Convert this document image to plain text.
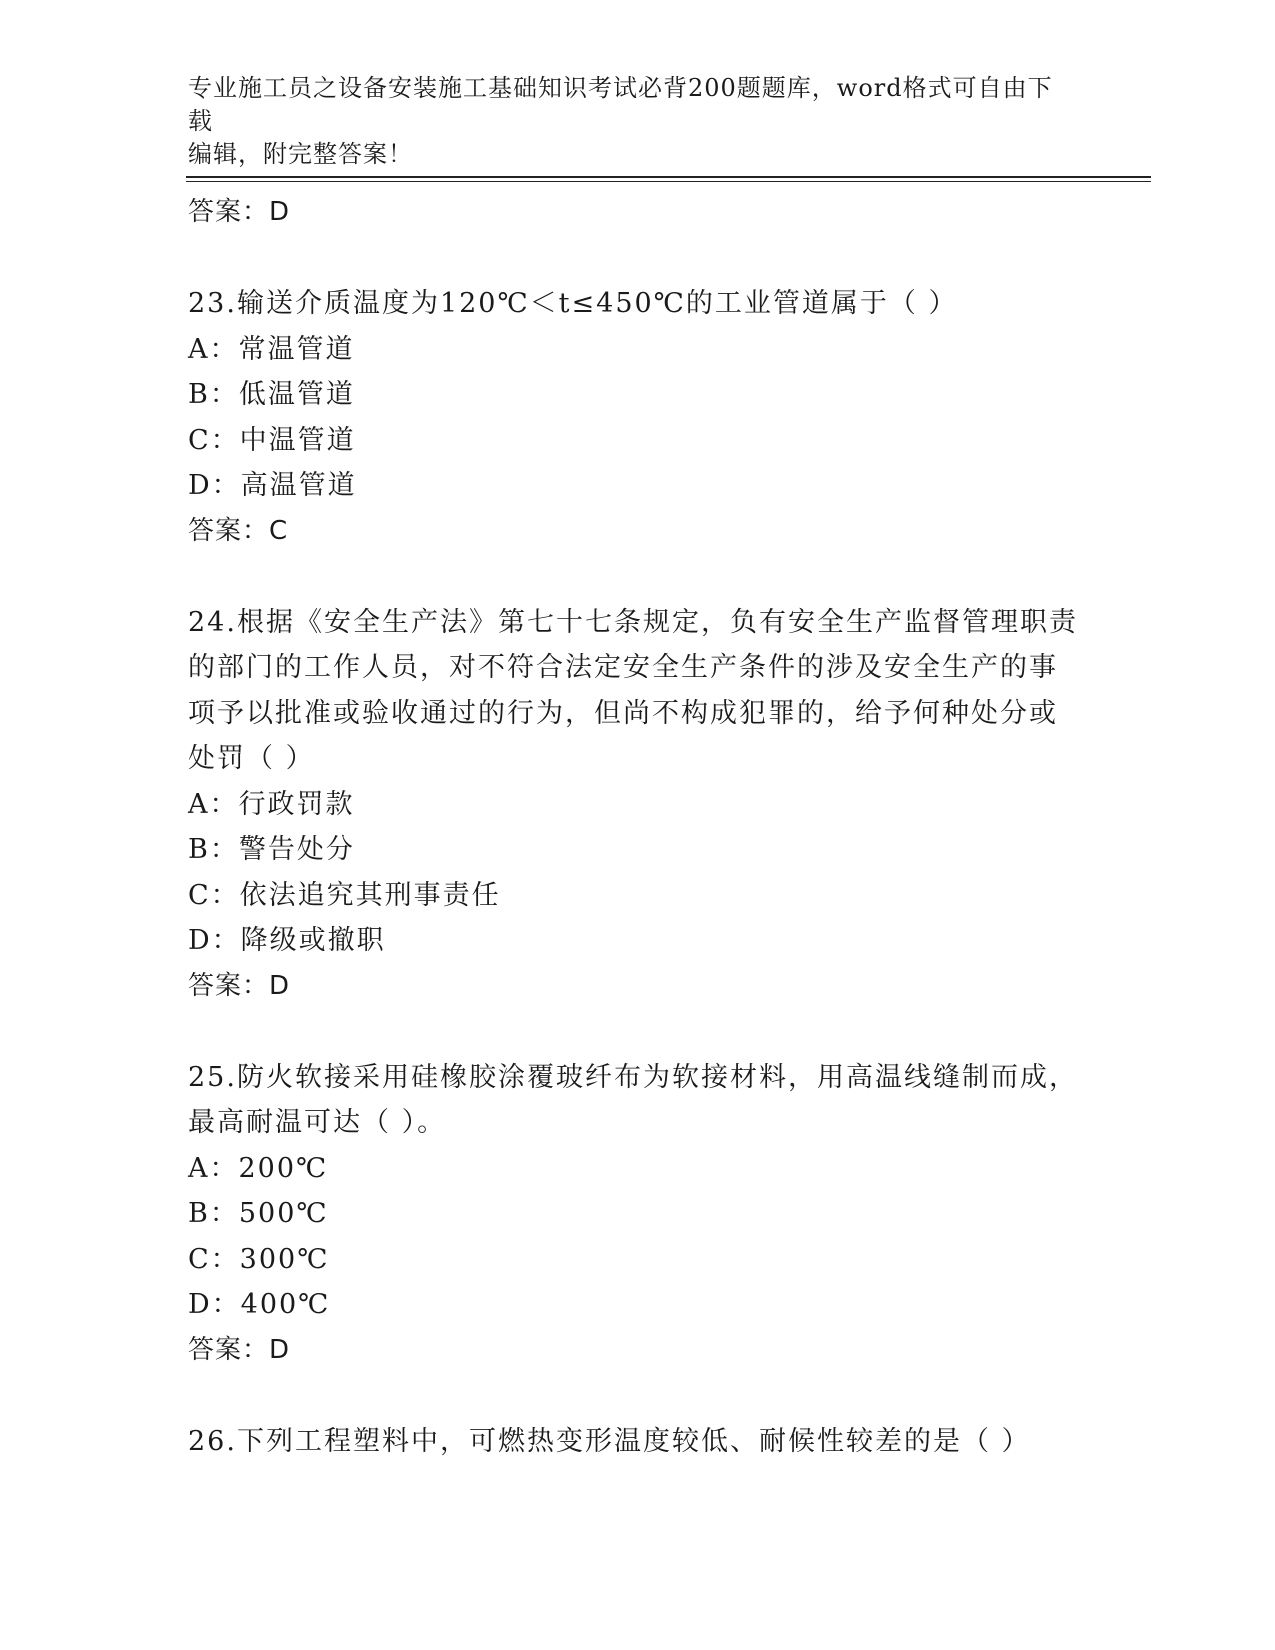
专业施工员之设备安装施工基础知识考试必背200题题库，word格式可自由下载
编辑，附完整答案！
答案：D
23.输送介质温度为120℃＜t≤450℃的工业管道属于（ ）
A：常温管道
B：低温管道
C：中温管道
D：高温管道
答案：C
24.根据《安全生产法》第七十七条规定，负有安全生产监督管理职责
的部门的工作人员，对不符合法定安全生产条件的涉及安全生产的事
项予以批准或验收通过的行为，但尚不构成犯罪的，给予何种处分或
处罚（ ）
A：行政罚款
B：警告处分
C：依法追究其刑事责任
D：降级或撤职
答案：D
25.防火软接采用硅橡胶涂覆玻纤布为软接材料，用高温线缝制而成，
最高耐温可达（ ）。
A：200℃
B：500℃
C：300℃
D：400℃
答案：D
26.下列工程塑料中，可燃热变形温度较低、耐候性较差的是（ ）
